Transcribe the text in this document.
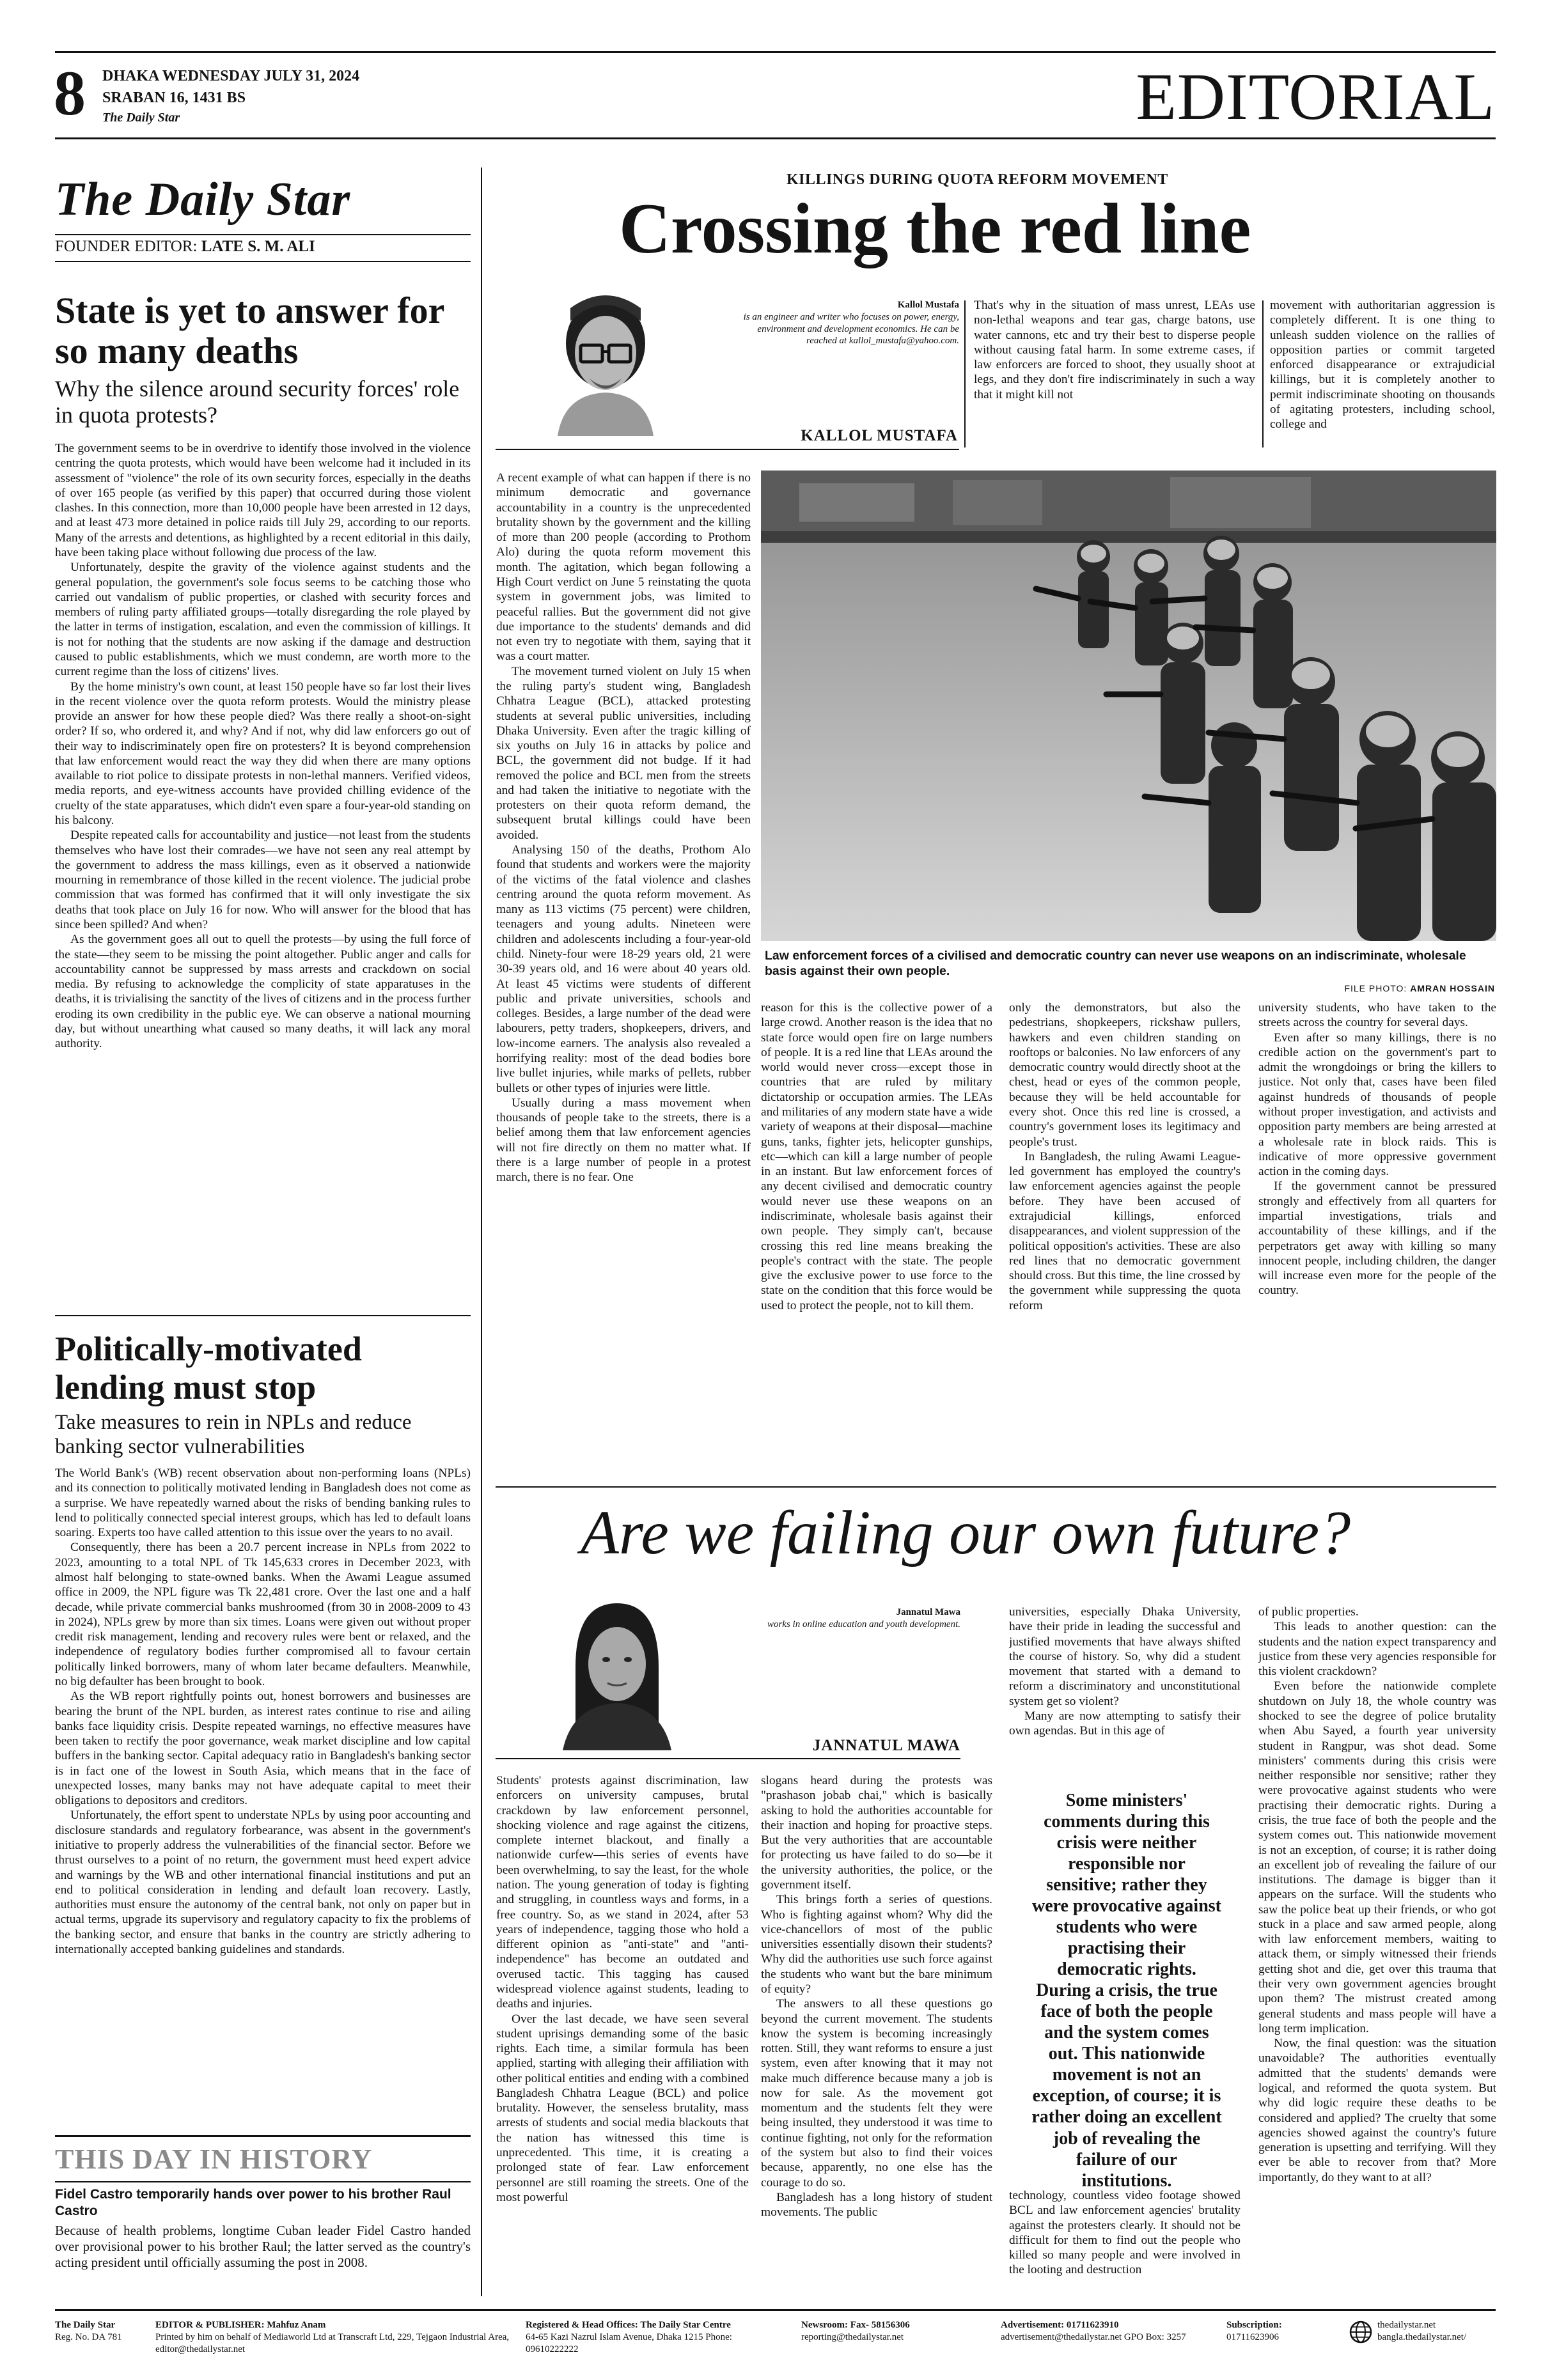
8 DHAKA WEDNESDAY JULY 31, 2024
SRABAN 16, 1431 BS
The Daily Star	EDITORIAL
The Daily Star
FOUNDER EDITOR: LATE S. M. ALI
State is yet to answer for so many deaths
Why the silence around security forces' role in quota protests?

The government seems to be in overdrive to identify those involved in the violence centring the quota protests, which would have been welcome had it included in its assessment of "violence" the role of its own security forces, especially in the deaths of over 165 people (as verified by this paper) that occurred during those violent clashes. In this connection, more than 10,000 people have been arrested in 12 days, and at least 473 more detained in police raids till July 29, according to our reports. Many of the arrests and detentions, as highlighted by a recent editorial in this daily, have been taking place without following due process of the law.

Unfortunately, despite the gravity of the violence against students and the general population, the government's sole focus seems to be catching those who carried out vandalism of public properties, or clashed with security forces and members of ruling party affiliated groups—totally disregarding the role played by the latter in terms of instigation, escalation, and even the commission of killings. It is not for nothing that the students are now asking if the damage and destruction caused to public establishments, which we must condemn, are worth more to the current regime than the loss of citizens' lives.

By the home ministry's own count, at least 150 people have so far lost their lives in the recent violence over the quota reform protests. Would the ministry please provide an answer for how these people died? Was there really a shoot-on-sight order? If so, who ordered it, and why? And if not, why did law enforcers go out of their way to indiscriminately open fire on protesters? It is beyond comprehension that law enforcement would react the way they did when there are many options available to riot police to dissipate protests in non-lethal manners. Verified videos, media reports, and eye-witness accounts have provided chilling evidence of the cruelty of the state apparatuses, which didn't even spare a four-year-old standing on his balcony.

Despite repeated calls for accountability and justice—not least from the students themselves who have lost their comrades—we have not seen any real attempt by the government to address the mass killings, even as it observed a nationwide mourning in remembrance of those killed in the recent violence. The judicial probe commission that was formed has confirmed that it will only investigate the six deaths that took place on July 16 for now. Who will answer for the blood that has since been spilled? And when?

As the government goes all out to quell the protests—by using the full force of the state—they seem to be missing the point altogether. Public anger and calls for accountability cannot be suppressed by mass arrests and crackdown on social media. By refusing to acknowledge the complicity of state apparatuses in the deaths, it is trivialising the sanctity of the lives of citizens and in the process further eroding its own credibility in the public eye. We can observe a national mourning day, but without unearthing what caused so many deaths, it will lack any moral authority.

Politically-motivated lending must stop
Take measures to rein in NPLs and reduce banking sector vulnerabilities

The World Bank's (WB) recent observation about non-performing loans (NPLs) and its connection to politically motivated lending in Bangladesh does not come as a surprise. We have repeatedly warned about the risks of bending banking rules to lend to politically connected special interest groups, which has led to default loans soaring. Experts too have called attention to this issue over the years to no avail.

Consequently, there has been a 20.7 percent increase in NPLs from 2022 to 2023, amounting to a total NPL of Tk 145,633 crores in December 2023, with almost half belonging to state-owned banks. When the Awami League assumed office in 2009, the NPL figure was Tk 22,481 crore. Over the last one and a half decade, while private commercial banks mushroomed (from 30 in 2008-2009 to 43 in 2024), NPLs grew by more than six times. Loans were given out without proper credit risk management, lending and recovery rules were bent or relaxed, and the independence of regulatory bodies further compromised all to favour certain politically linked borrowers, many of whom later became defaulters. Meanwhile, no big defaulter has been brought to book.

As the WB report rightfully points out, honest borrowers and businesses are bearing the brunt of the NPL burden, as interest rates continue to rise and ailing banks face liquidity crisis. Despite repeated warnings, no effective measures have been taken to rectify the poor governance, weak market discipline and low capital buffers in the banking sector. Capital adequacy ratio in Bangladesh's banking sector is in fact one of the lowest in South Asia, which means that in the face of unexpected losses, many banks may not have adequate capital to meet their obligations to depositors and creditors.

Unfortunately, the effort spent to understate NPLs by using poor accounting and disclosure standards and regulatory forbearance, was absent in the government's initiative to properly address the vulnerabilities of the financial sector. Before we thrust ourselves to a point of no return, the government must heed expert advice and warnings by the WB and other international financial institutions and put an end to political consideration in lending and default loan recovery. Lastly, authorities must ensure the autonomy of the central bank, not only on paper but in actual terms, upgrade its supervisory and regulatory capacity to fix the problems of the banking sector, and ensure that banks in the country are strictly adhering to internationally accepted banking guidelines and standards.

THIS DAY IN HISTORY
Fidel Castro temporarily hands over power to his brother Raul Castro

Because of health problems, longtime Cuban leader Fidel Castro handed over provisional power to his brother Raul; the latter served as the country's acting president until officially assuming the post in 2008.

KILLINGS DURING QUOTA REFORM MOVEMENT
Crossing the red line
Kallol Mustafa
is an engineer and writer who focuses on power, energy, environment and development economics. He can be reached at kallol_mustafa@yahoo.com.
KALLOL MUSTAFA

That's why in the situation of mass unrest, LEAs use non-lethal weapons and tear gas, charge batons, use water cannons, etc and try their best to disperse people without causing fatal harm. In some extreme cases, if law enforcers are forced to shoot, they usually shoot at legs, and they don't fire indiscriminately in such a way that it might kill not

movement with authoritarian aggression is completely different. It is one thing to unleash sudden violence on the rallies of opposition parties or commit targeted enforced disappearance or extrajudicial killings, but it is completely another to permit indiscriminate shooting on thousands of agitating protesters, including school, college and

A recent example of what can happen if there is no minimum democratic and governance accountability in a country is the unprecedented brutality shown by the government and the killing of more than 200 people (according to Prothom Alo) during the quota reform movement this month. The agitation, which began following a High Court verdict on June 5 reinstating the quota system in government jobs, was limited to peaceful rallies. But the government did not give due importance to the students' demands and did not even try to negotiate with them, saying that it was a court matter.

The movement turned violent on July 15 when the ruling party's student wing, Bangladesh Chhatra League (BCL), attacked protesting students at several public universities, including Dhaka University. Even after the tragic killing of six youths on July 16 in attacks by police and BCL, the government did not budge. If it had removed the police and BCL men from the streets and had taken the initiative to negotiate with the protesters on their quota reform demand, the subsequent brutal killings could have been avoided.

Analysing 150 of the deaths, Prothom Alo found that students and workers were the majority of the victims of the fatal violence and clashes centring around the quota reform movement. As many as 113 victims (75 percent) were children, teenagers and young adults. Nineteen were children and adolescents including a four-year-old child. Ninety-four were 18-29 years old, 21 were 30-39 years old, and 16 were about 40 years old. At least 45 victims were students of different public and private universities, schools and colleges. Besides, a large number of the dead were labourers, petty traders, shopkeepers, drivers, and low-income earners. The analysis also revealed a horrifying reality: most of the dead bodies bore live bullet injuries, while marks of pellets, rubber bullets or other types of injuries were little.

Usually during a mass movement when thousands of people take to the streets, there is a belief among them that law enforcement agencies will not fire directly on them no matter what. If there is a large number of people in a protest march, there is no fear. One

Law enforcement forces of a civilised and democratic country can never use weapons on an indiscriminate, wholesale basis against their own people.
FILE PHOTO: AMRAN HOSSAIN

reason for this is the collective power of a large crowd. Another reason is the idea that no state force would open fire on large numbers of people. It is a red line that LEAs around the world would never cross—except those in countries that are ruled by military dictatorship or occupation armies. The LEAs and militaries of any modern state have a wide variety of weapons at their disposal—machine guns, tanks, fighter jets, helicopter gunships, etc—which can kill a large number of people in an instant. But law enforcement forces of any decent civilised and democratic country would never use these weapons on an indiscriminate, wholesale basis against their own people. They simply can't, because crossing this red line means breaking the people's contract with the state. The people give the exclusive power to use force to the state on the condition that this force would be used to protect the people, not to kill them.

only the demonstrators, but also the pedestrians, shopkeepers, rickshaw pullers, hawkers and even children standing on rooftops or balconies. No law enforcers of any democratic country would directly shoot at the chest, head or eyes of the common people, because they will be held accountable for every shot. Once this red line is crossed, a country's government loses its legitimacy and people's trust.

In Bangladesh, the ruling Awami League-led government has employed the country's law enforcement agencies against the people before. They have been accused of extrajudicial killings, enforced disappearances, and violent suppression of the political opposition's activities. These are also red lines that no democratic government should cross. But this time, the line crossed by the government while suppressing the quota reform

university students, who have taken to the streets across the country for several days.

Even after so many killings, there is no credible action on the government's part to admit the wrongdoings or bring the killers to justice. Not only that, cases have been filed against hundreds of thousands of people without proper investigation, and activists and opposition party members are being arrested at a wholesale rate in block raids. This is indicative of more oppressive government action in the coming days.

If the government cannot be pressured strongly and effectively from all quarters for impartial investigations, trials and accountability of these killings, and if the perpetrators get away with killing so many innocent people, including children, the danger will increase even more for the people of the country.

Are we failing our own future?
Jannatul Mawa
works in online education and youth development.
JANNATUL MAWA

universities, especially Dhaka University, have their pride in leading the successful and justified movements that have always shifted the course of history. So, why did a student movement that started with a demand to reform a discriminatory and unconstitutional system get so violent?

Many are now attempting to satisfy their own agendas. But in this age of

Students' protests against discrimination, law enforcers on university campuses, brutal crackdown by law enforcement personnel, shocking violence and rage against the citizens, complete internet blackout, and finally a nationwide curfew—this series of events have been overwhelming, to say the least, for the whole nation. The young generation of today is fighting and struggling, in countless ways and forms, in a free country. So, as we stand in 2024, after 53 years of independence, tagging those who hold a different opinion as "anti-state" and "anti-independence" has become an outdated and overused tactic. This tagging has caused widespread violence against students, leading to deaths and injuries.

Over the last decade, we have seen several student uprisings demanding some of the basic rights. Each time, a similar formula has been applied, starting with alleging their affiliation with other political entities and ending with a combined Bangladesh Chhatra League (BCL) and police brutality. However, the senseless brutality, mass arrests of students and social media blackouts that the nation has witnessed this time is unprecedented. This time, it is creating a prolonged state of fear. Law enforcement personnel are still roaming the streets. One of the most powerful

slogans heard during the protests was "prashason jobab chai," which is basically asking to hold the authorities accountable for their inaction and hoping for proactive steps. But the very authorities that are accountable for protecting us have failed to do so—be it the university authorities, the police, or the government itself.

This brings forth a series of questions. Who is fighting against whom? Why did the vice-chancellors of most of the public universities essentially disown their students? Why did the authorities use such force against the students who want but the bare minimum of equity?

The answers to all these questions go beyond the current movement. The students know the system is becoming increasingly rotten. Still, they want reforms to ensure a just system, even after knowing that it may not make much difference because many a job is now for sale. As the movement got momentum and the students felt they were being insulted, they understood it was time to continue fighting, not only for the reformation of the system but also to find their voices because, apparently, no one else has the courage to do so.

Bangladesh has a long history of student movements. The public

Some ministers' comments during this crisis were neither responsible nor sensitive; rather they were provocative against students who were practising their democratic rights. During a crisis, the true face of both the people and the system comes out. This nationwide movement is not an exception, of course; it is rather doing an excellent job of revealing the failure of our institutions.

technology, countless video footage showed BCL and law enforcement agencies' brutality against the protesters clearly. It should not be difficult for them to find out the people who killed so many people and were involved in the looting and destruction

of public properties.

This leads to another question: can the students and the nation expect transparency and justice from these very agencies responsible for this violent crackdown?

Even before the nationwide complete shutdown on July 18, the whole country was shocked to see the degree of police brutality when Abu Sayed, a fourth year university student in Rangpur, was shot dead. Some ministers' comments during this crisis were neither responsible nor sensitive; rather they were provocative against students who were practising their democratic rights. During a crisis, the true face of both the people and the system comes out. This nationwide movement is not an exception, of course; it is rather doing an excellent job of revealing the failure of our institutions. The damage is bigger than it appears on the surface. Will the students who saw the police beat up their friends, or who got stuck in a place and saw armed people, along with law enforcement members, waiting to attack them, or simply witnessed their friends getting shot and die, get over this trauma that their very own government agencies brought upon them? The mistrust created among general students and mass people will have a long term implication.

Now, the final question: was the situation unavoidable? The authorities eventually admitted that the students' demands were logical, and reformed the quota system. But why did logic require these deaths to be considered and applied? The cruelty that some agencies showed against the country's future generation is upsetting and terrifying. Will they ever be able to recover from that? More importantly, do they want to at all?

The Daily Star
Reg. No. DA 781
EDITOR & PUBLISHER: Mahfuz Anam
Printed by him on behalf of Mediaworld Ltd at Transcraft Ltd, 229, Tejgaon Industrial Area, editor@thedailystar.net
Registered & Head Offices: The Daily Star Centre
64-65 Kazi Nazrul Islam Avenue, Dhaka 1215 Phone: 09610222222
Newsroom: Fax- 58156306
reporting@thedailystar.net
Advertisement: 01711623910
advertisement@thedailystar.net GPO Box: 3257
Subscription:
01711623906
thedailystar.net
bangla.thedailystar.net/
